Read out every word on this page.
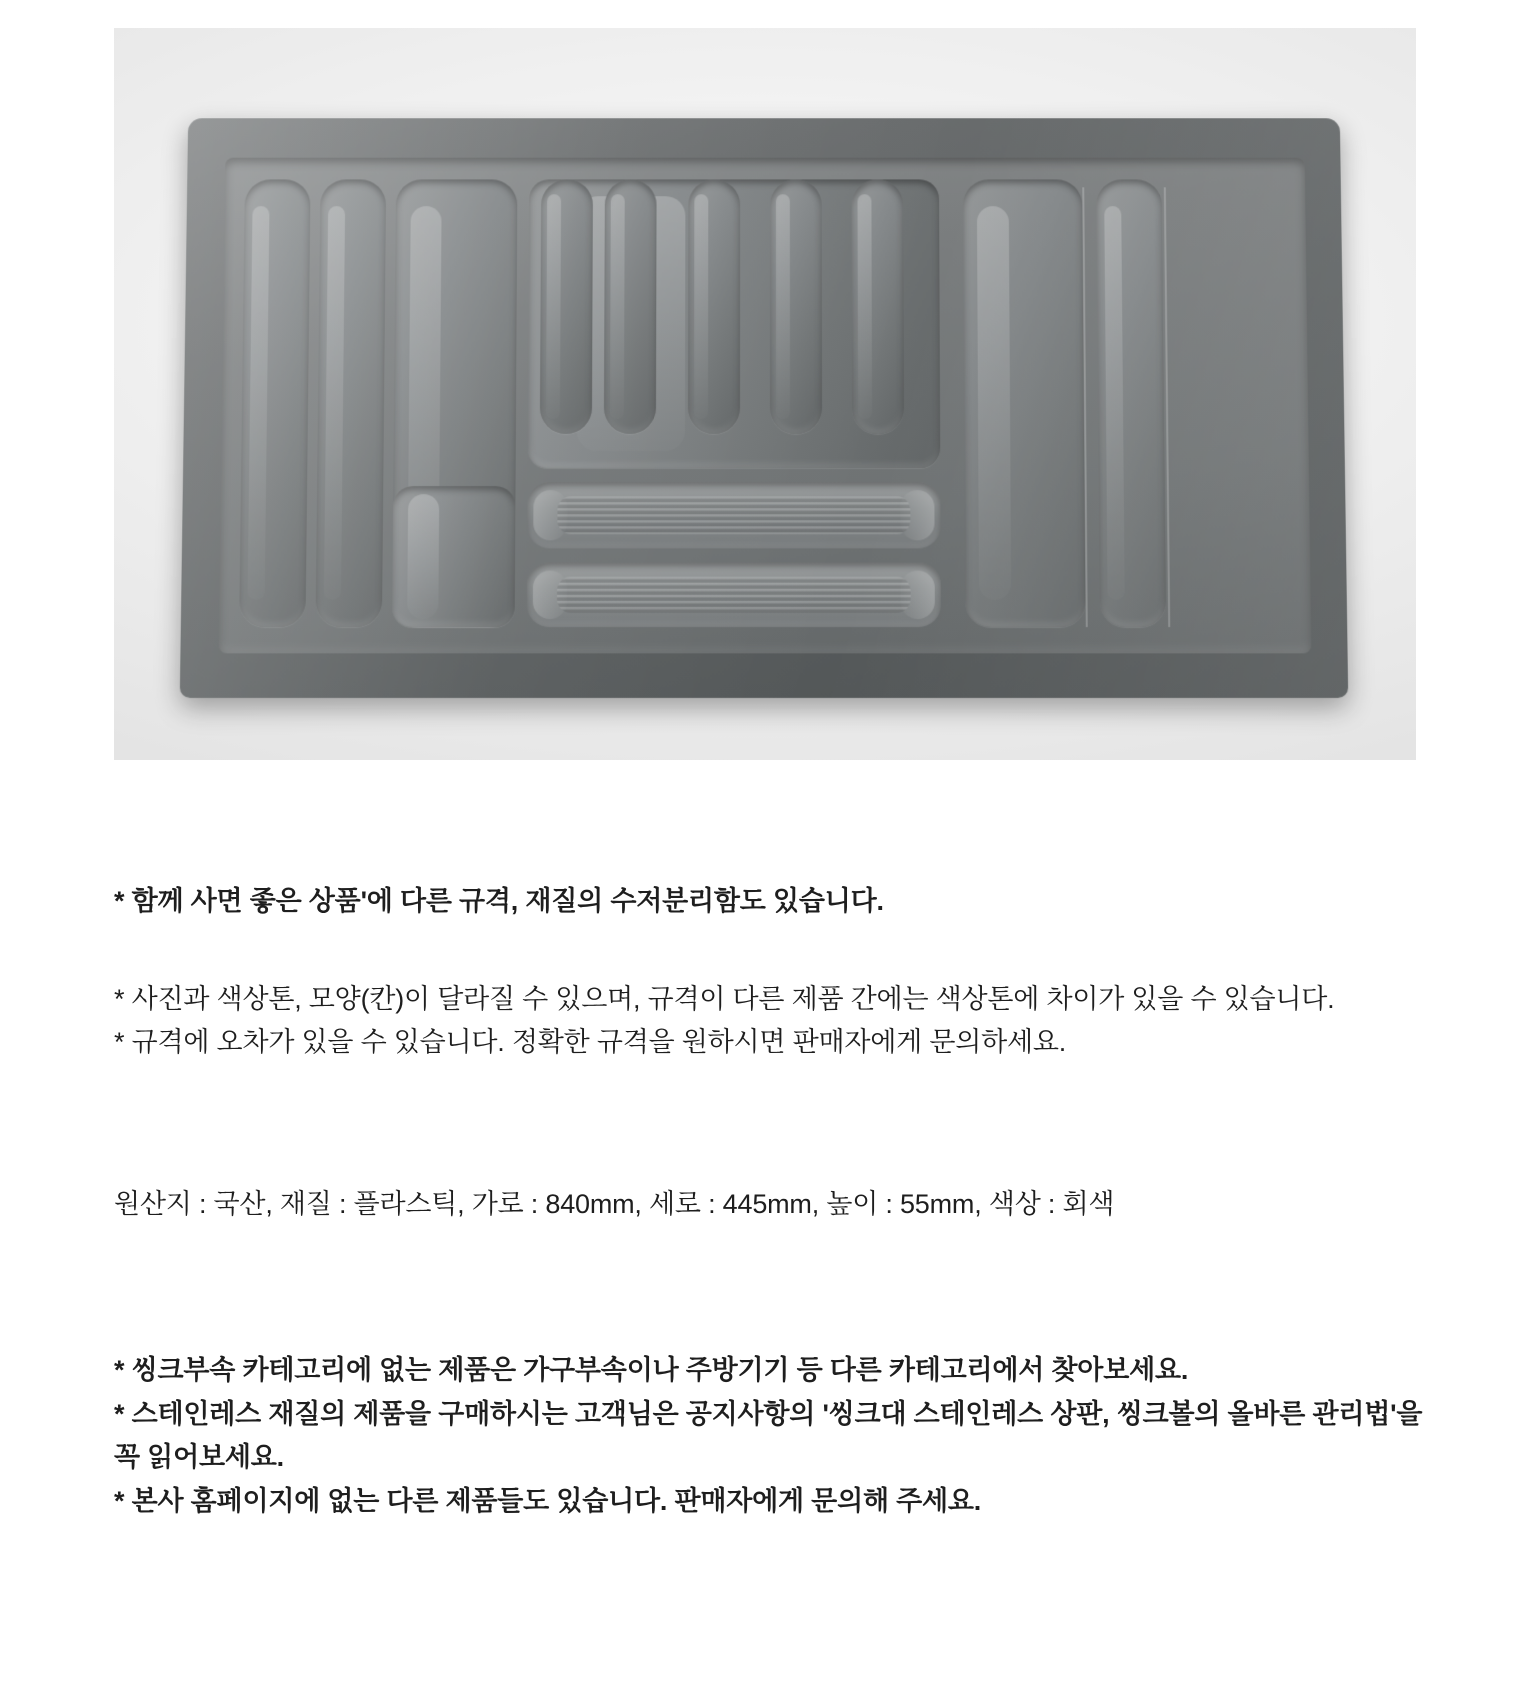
* 함께 사면 좋은 상품'에 다른 규격, 재질의 수저분리함도 있습니다.

* 사진과 색상톤, 모양(칸)이 달라질 수 있으며, 규격이 다른 제품 간에는 색상톤에 차이가 있을 수 있습니다.

* 규격에 오차가 있을 수 있습니다. 정확한 규격을 원하시면 판매자에게 문의하세요.

원산지 : 국산, 재질 : 플라스틱, 가로 : 840mm, 세로 : 445mm, 높이 : 55mm, 색상 : 회색

* 씽크부속 카테고리에 없는 제품은 가구부속이나 주방기기 등 다른 카테고리에서 찾아보세요.

* 스테인레스 재질의 제품을 구매하시는 고객님은 공지사항의 '씽크대 스테인레스 상판, 씽크볼의 올바른 관리법'을 꼭 읽어보세요.

* 본사 홈페이지에 없는 다른 제품들도 있습니다. 판매자에게 문의해 주세요.
